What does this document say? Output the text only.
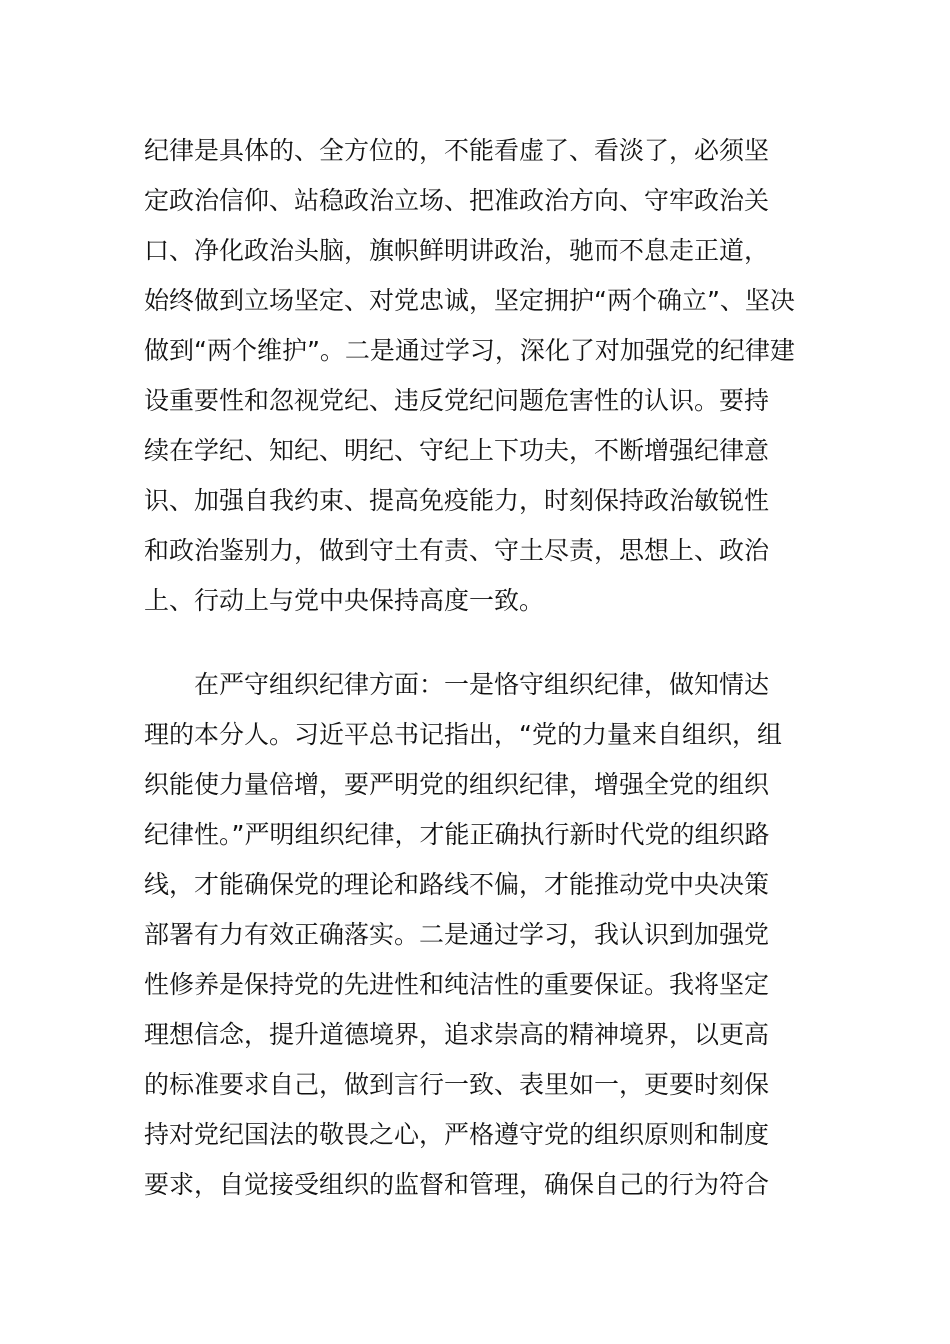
纪律是具体的、全方位的，不能看虚了、看淡了，必须坚

定政治信仰、站稳政治立场、把准政治方向、守牢政治关

口、净化政治头脑，旗帜鲜明讲政治，驰而不息走正道，

始终做到立场坚定、对党忠诚，坚定拥护“两个确立”、坚决

做到“两个维护”。二是通过学习，深化了对加强党的纪律建

设重要性和忽视党纪、违反党纪问题危害性的认识。要持

续在学纪、知纪、明纪、守纪上下功夫，不断增强纪律意

识、加强自我约束、提高免疫能力，时刻保持政治敏锐性

和政治鉴别力，做到守土有责、守土尽责，思想上、政治

上、行动上与党中央保持高度一致。

　　在严守组织纪律方面：一是恪守组织纪律，做知情达

理的本分人。习近平总书记指出，“党的力量来自组织，组

织能使力量倍增，要严明党的组织纪律，增强全党的组织

纪律性。”严明组织纪律，才能正确执行新时代党的组织路

线，才能确保党的理论和路线不偏，才能推动党中央决策

部署有力有效正确落实。二是通过学习，我认识到加强党

性修养是保持党的先进性和纯洁性的重要保证。我将坚定

理想信念，提升道德境界，追求崇高的精神境界，以更高

的标准要求自己，做到言行一致、表里如一，更要时刻保

持对党纪国法的敬畏之心，严格遵守党的组织原则和制度

要求，自觉接受组织的监督和管理，确保自己的行为符合
